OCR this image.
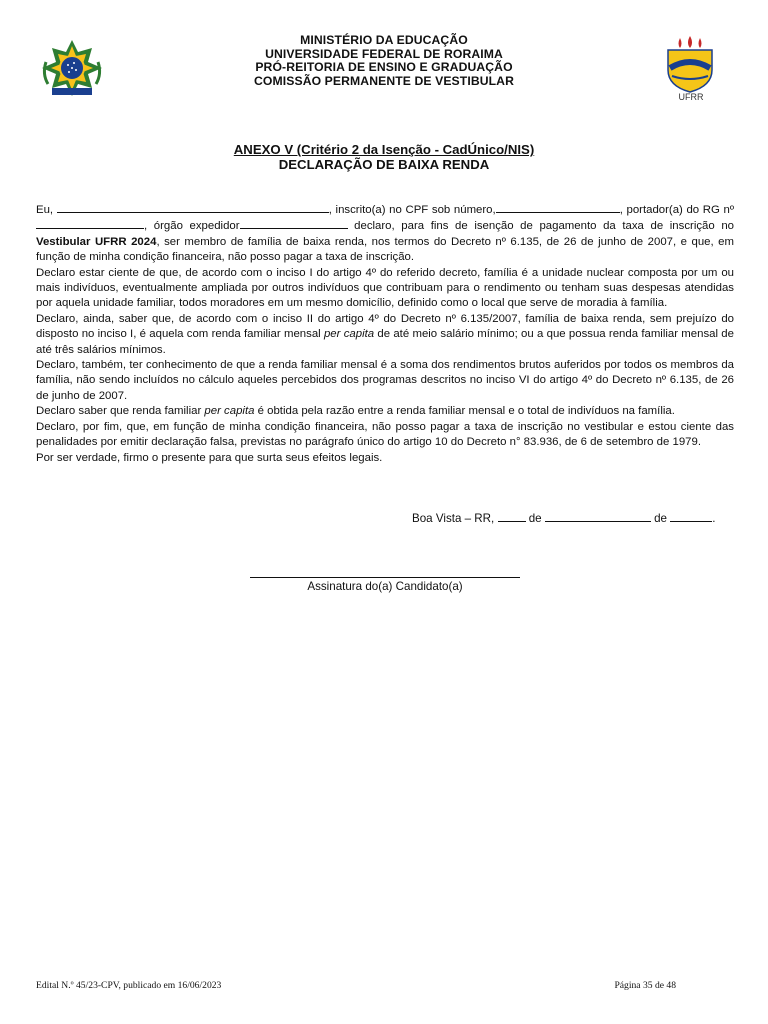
MINISTÉRIO DA EDUCAÇÃO
UNIVERSIDADE FEDERAL DE RORAIMA
PRÓ-REITORIA DE ENSINO E GRADUAÇÃO
COMISSÃO PERMANENTE DE VESTIBULAR
UFRR
ANEXO V (Critério 2 da Isenção - CadÚnico/NIS)
DECLARAÇÃO DE BAIXA RENDA

Eu,	, inscrito(a) no CPF sob número,	, portador(a) do RG nº, órgão expedidor	declaro, para fins de isenção de pagamento da taxa de inscrição no Vestibular UFRR 2024, ser membro de família de baixa renda, nos termos do Decreto nº 6.135, de 26 de junho de 2007, e que, em função de minha condição financeira, não posso pagar a taxa de inscrição.

Declaro estar ciente de que, de acordo com o inciso I do artigo 4º do referido decreto, família é a unidade nuclear composta por um ou mais indivíduos, eventualmente ampliada por outros indivíduos que contribuam para o rendimento ou tenham suas despesas atendidas por aquela unidade familiar, todos moradores em um mesmo domicílio, definido como o local que serve de moradia à família.

Declaro, ainda, saber que, de acordo com o inciso II do artigo 4º do Decreto nº 6.135/2007, família de baixa renda, sem prejuízo do disposto no inciso I, é aquela com renda familiar mensal per capita de até meio salário mínimo; ou a que possua renda familiar mensal de até três salários mínimos.

Declaro, também, ter conhecimento de que a renda familiar mensal é a soma dos rendimentos brutos auferidos por todos os membros da família, não sendo incluídos no cálculo aqueles percebidos dos programas descritos no inciso VI do artigo 4º do Decreto nº 6.135, de 26 de junho de 2007.

Declaro saber que renda familiar per capita é obtida pela razão entre a renda familiar mensal e o total de indivíduos na família.

Declaro, por fim, que, em função de minha condição financeira, não posso pagar a taxa de inscrição no vestibular e estou ciente das penalidades por emitir declaração falsa, previstas no parágrafo único do artigo 10 do Decreto n° 83.936, de 6 de setembro de 1979.

Por ser verdade, firmo o presente para que surta seus efeitos legais.

Boa Vista – RR,  de	de	.
Assinatura do(a) Candidato(a)
Edital N.º 45/23-CPV, publicado em 16/06/2023	Página 35 de 48
